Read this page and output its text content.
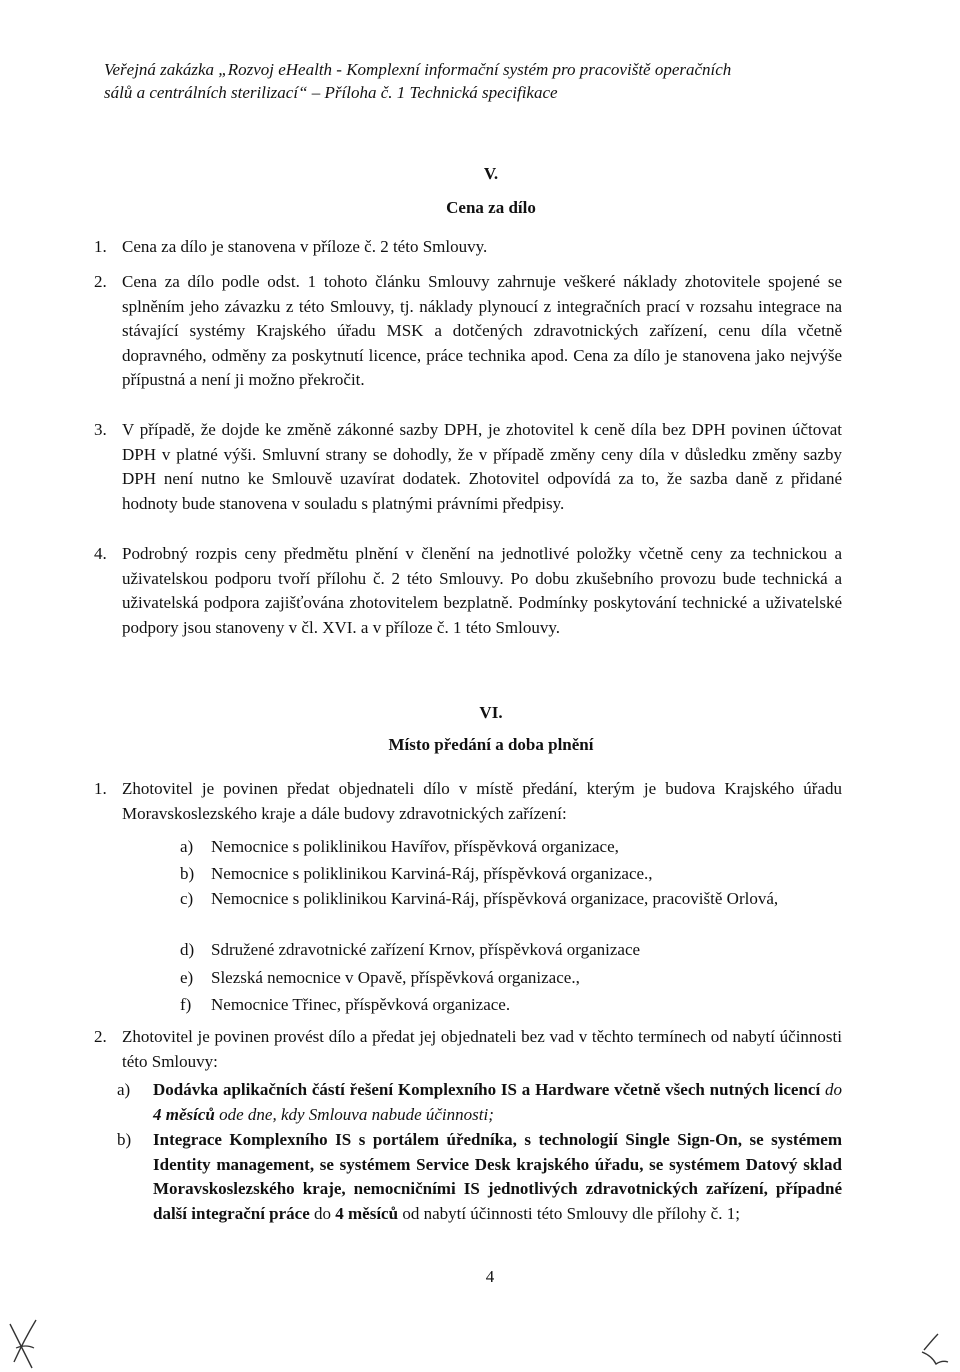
Veřejná zakázka „Rozvoj eHealth - Komplexní informační systém pro pracoviště operačních
sálů a centrálních sterilizací“ – Příloha č. 1 Technická specifikace
V.
Cena za dílo
1. Cena za dílo je stanovena v příloze č. 2 této Smlouvy.
2. Cena za dílo podle odst. 1 tohoto článku Smlouvy zahrnuje veškeré náklady zhotovitele spojené se splněním jeho závazku z této Smlouvy, tj. náklady plynoucí z integračních prací v rozsahu integrace na stávající systémy Krajského úřadu MSK a dotčených zdravotnických zařízení, cenu díla včetně dopravného, odměny za poskytnutí licence, práce technika apod. Cena za dílo je stanovena jako nejvýše přípustná a není ji možno překročit.
3. V případě, že dojde ke změně zákonné sazby DPH, je zhotovitel k ceně díla bez DPH povinen účtovat DPH v platné výši. Smluvní strany se dohodly, že v případě změny ceny díla v důsledku změny sazby DPH není nutno ke Smlouvě uzavírat dodatek. Zhotovitel odpovídá za to, že sazba daně z přidané hodnoty bude stanovena v souladu s platnými právními předpisy.
4. Podrobný rozpis ceny předmětu plnění v členění na jednotlivé položky včetně ceny za technickou a uživatelskou podporu tvoří přílohu č. 2 této Smlouvy. Po dobu zkušebního provozu bude technická a uživatelská podpora zajišťována zhotovitelem bezplatně. Podmínky poskytování technické a uživatelské podpory jsou stanoveny v čl. XVI. a v příloze č. 1 této Smlouvy.
VI.
Místo předání a doba plnění
1. Zhotovitel je povinen předat objednateli dílo v místě předání, kterým je budova Krajského úřadu Moravskoslezského kraje a dále budovy zdravotnických zařízení:
a)	Nemocnice s poliklinikou Havířov, příspěvková organizace,
b) Nemocnice s poliklinikou Karviná-Ráj, příspěvková organizace.,
c)	Nemocnice s poliklinikou Karviná-Ráj, příspěvková organizace, pracoviště Orlová,
d) Sdružené zdravotnické zařízení Krnov, příspěvková organizace
e)	Slezská nemocnice v Opavě, příspěvková organizace.,
f)	Nemocnice Třinec, příspěvková organizace.
2. Zhotovitel je povinen provést dílo a předat jej objednateli bez vad v těchto termínech od nabytí účinnosti této Smlouvy:
a)	Dodávka aplikačních částí řešení Komplexního IS a Hardware včetně všech nutných licencí do 4 měsíců ode dne, kdy Smlouva nabude účinnosti;
b)	Integrace Komplexního IS s portálem úředníka, s technologií Single Sign-On, se systémem Identity management, se systémem Service Desk krajského úřadu, se systémem Datový sklad Moravskoslezského kraje, nemocničními IS jednotlivých zdravotnických zařízení, případné další integrační práce do 4 měsíců od nabytí účinnosti této Smlouvy dle přílohy č. 1;
4
